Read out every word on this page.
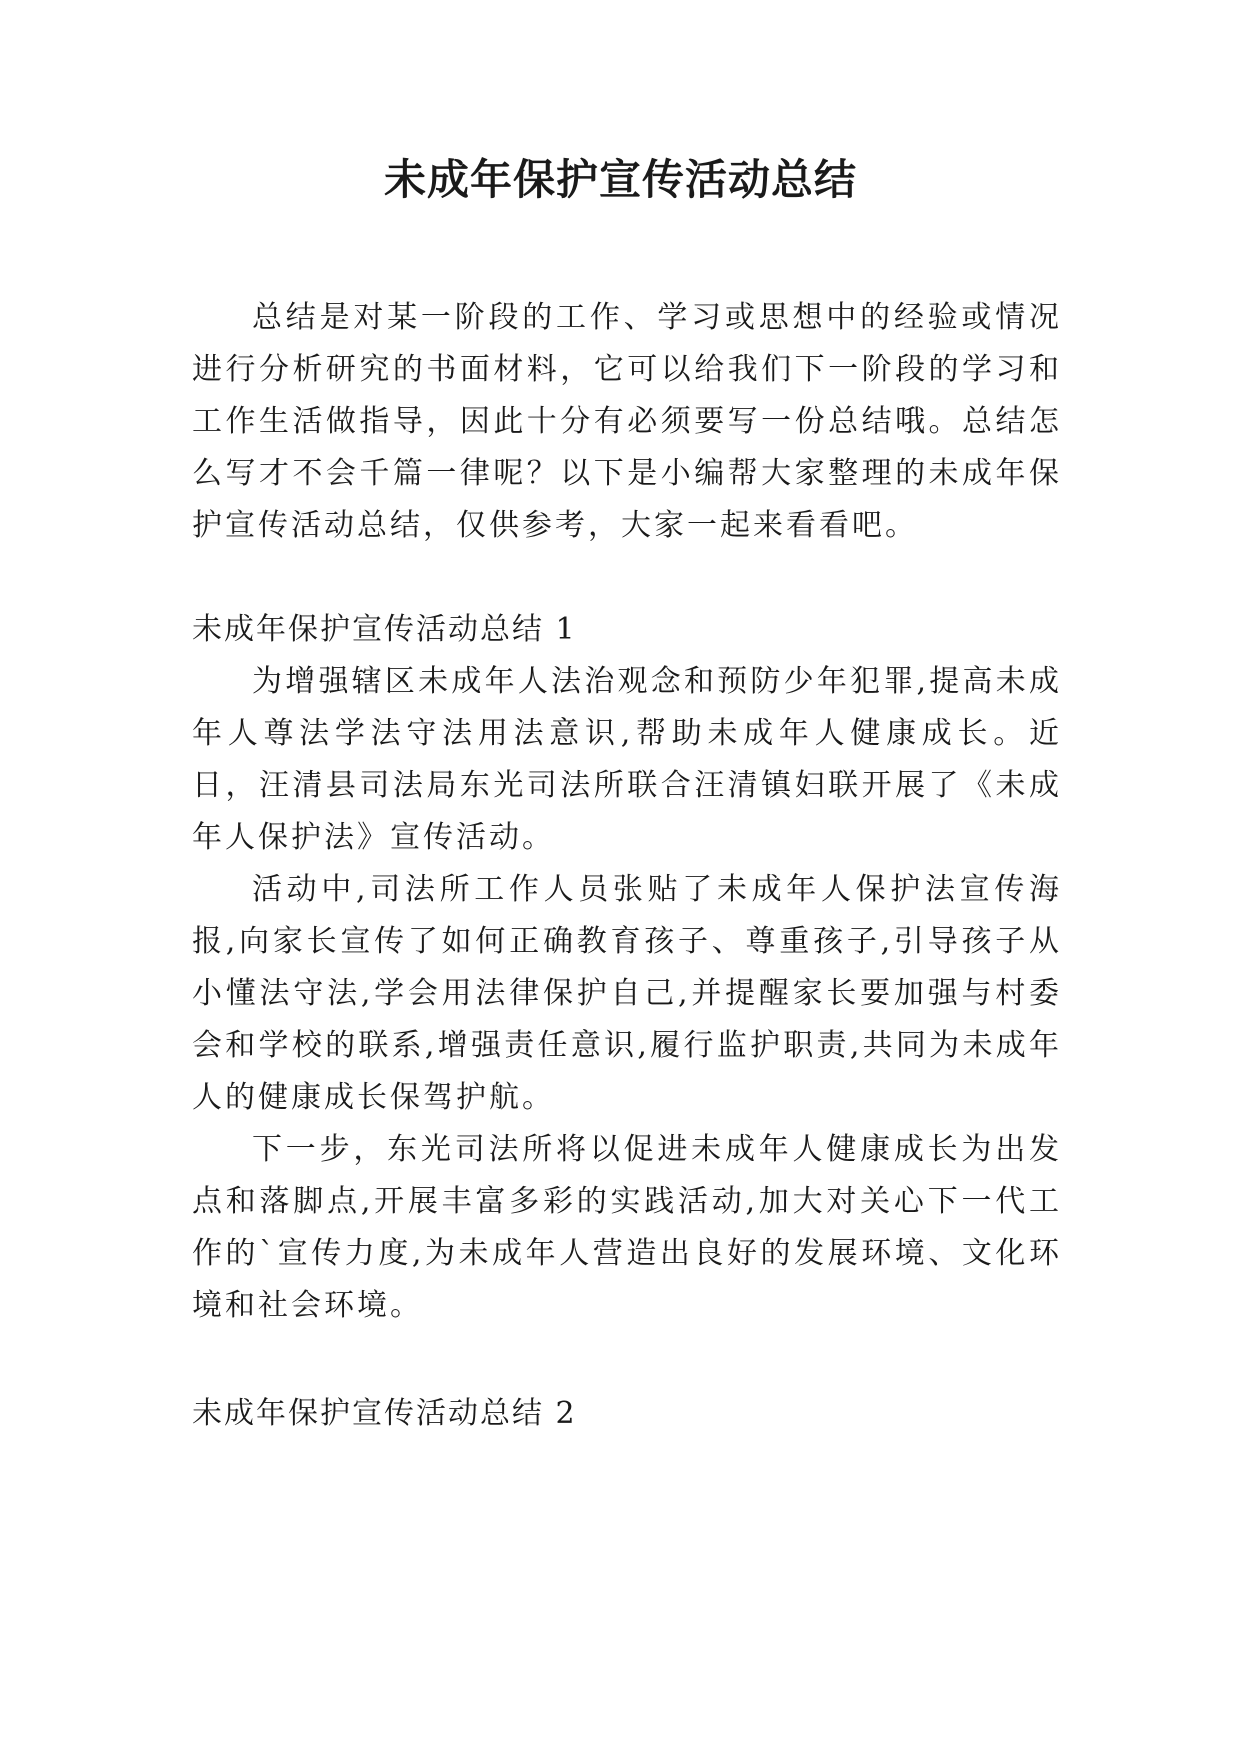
未成年保护宣传活动总结

总结是对某一阶段的工作、学习或思想中的经验或情况进行分析研究的书面材料，它可以给我们下一阶段的学习和工作生活做指导，因此十分有必须要写一份总结哦。总结怎么写才不会千篇一律呢？以下是小编帮大家整理的未成年保护宣传活动总结，仅供参考，大家一起来看看吧。

未成年保护宣传活动总结 1

为增强辖区未成年人法治观念和预防少年犯罪,提高未成年人尊法学法守法用法意识,帮助未成年人健康成长。近日，汪清县司法局东光司法所联合汪清镇妇联开展了《未成年人保护法》宣传活动。

活动中,司法所工作人员张贴了未成年人保护法宣传海报,向家长宣传了如何正确教育孩子、尊重孩子,引导孩子从小懂法守法,学会用法律保护自己,并提醒家长要加强与村委会和学校的联系,增强责任意识,履行监护职责,共同为未成年人的健康成长保驾护航。

下一步，东光司法所将以促进未成年人健康成长为出发点和落脚点,开展丰富多彩的实践活动,加大对关心下一代工作的`宣传力度,为未成年人营造出良好的发展环境、文化环境和社会环境。

未成年保护宣传活动总结 2
